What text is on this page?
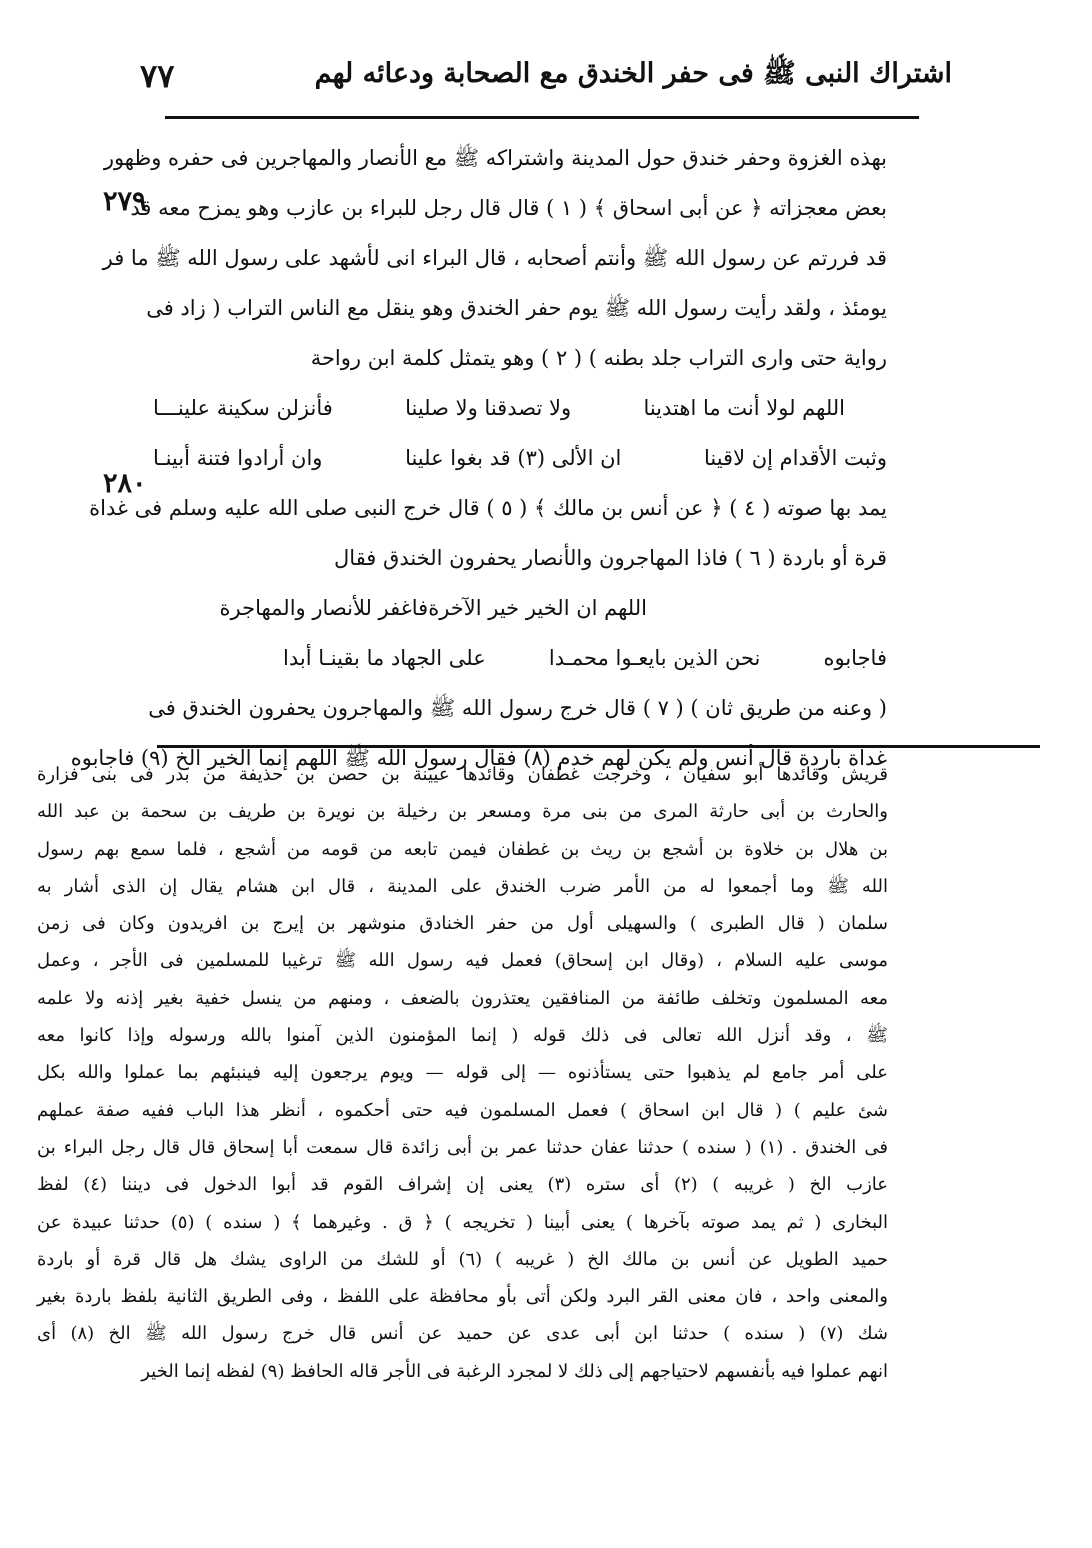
اشتراك النبى ﷺ فى حفر الخندق مع الصحابة ودعائه لهم
٧٧
٢٧٩
٢٨٠
بهذه الغزوة وحفر خندق حول المدينة واشتراكه ﷺ مع الأنصار والمهاجرين فى حفره وظهور
بعض معجزاته ﴿ عن أبى اسحاق ﴾ ( ١ ) قال قال رجل للبراء بن عازب وهو يمزح معه قد
قد فررتم عن رسول الله ﷺ وأنتم أصحابه ، قال البراء انى لأشهد على رسول الله ﷺ ما فر
يومئذ ، ولقد رأيت رسول الله ﷺ يوم حفر الخندق وهو ينقل مع الناس التراب ( زاد فى
رواية حتى وارى التراب جلد بطنه ) ( ٢ ) وهو يتمثل كلمة ابن رواحة
اللهم لولا أنت ما اهتدينا
ولا تصدقنا ولا صلينا
فأنزلن سكينة علينـــا
وثبت الأقدام إن لاقينا
ان الألى (٣) قد بغوا علينا
وان أرادوا فتنة أبينـا
يمد بها صوته ( ٤ ) ﴿ عن أنس بن مالك ﴾ ( ٥ ) قال خرج النبى صلى الله عليه وسلم فى غداة
قرة أو باردة ( ٦ ) فاذا المهاجرون والأنصار يحفرون الخندق فقال
اللهم ان الخير خير الآخرة
فاغفر للأنصار والمهاجرة
فاجابوه
نحن الذين بايعـوا محمـدا
على الجهاد ما بقينـا أبدا
( وعنه من طريق ثان ) ( ٧ ) قال خرج رسول الله ﷺ والمهاجرون يحفرون الخندق فى
غداة باردة قال أنس ولم يكن لهم خدم (٨) فقال رسول الله ﷺ اللهم إنما الخير الخ (٩) فاجابوه
قريش وقائدها أبو سفيان ، وخرجت غطفان وقائدها عيينة بن حصن بن حذيفة من بدر فى بنى فزارة
والحارث بن أبى حارثة المرى من بنى مرة ومسعر بن رخيلة بن نويرة بن طريف بن سحمة بن عبد الله
بن هلال بن خلاوة بن أشجع بن ريث بن غطفان فيمن تابعه من قومه من أشجع ، فلما سمع بهم رسول
الله ﷺ وما أجمعوا له من الأمر ضرب الخندق على المدينة ، قال ابن هشام يقال إن الذى أشار به
سلمان ( قال الطبرى ) والسهيلى أول من حفر الخنادق منوشهر بن إيرج بن افريدون وكان فى زمن
موسى عليه السلام ، (وقال ابن إسحاق) فعمل فيه رسول الله ﷺ ترغيبا للمسلمين فى الأجر ، وعمل
معه المسلمون وتخلف طائفة من المنافقين يعتذرون بالضعف ، ومنهم من ينسل خفية بغير إذنه ولا علمه
ﷺ ، وقد أنزل الله تعالى فى ذلك قوله ( إنما المؤمنون الذين آمنوا بالله ورسوله وإذا كانوا معه
على أمر جامع لم يذهبوا حتى يستأذنوه — إلى قوله — ويوم يرجعون إليه فينبئهم بما عملوا والله بكل
شئ عليم ) ( قال ابن اسحاق ) فعمل المسلمون فيه حتى أحكموه ، أنظر هذا الباب ففيه صفة عملهم
فى الخندق . (١) ( سنده ) حدثنا عفان حدثنا عمر بن أبى زائدة قال سمعت أبا إسحاق قال قال رجل البراء بن
عازب الخ ( غريبه ) (٢) أى ستره (٣) يعنى إن إشراف القوم قد أبوا الدخول فى ديننا (٤) لفظ
البخارى ( ثم يمد صوته بآخرها ) يعنى أبينا ( تخريجه ) ﴿ ق . وغيرهما ﴾ ( سنده ) (٥) حدثنا عبيدة عن
حميد الطويل عن أنس بن مالك الخ ( غريبه ) (٦) أو للشك من الراوى يشك هل قال قرة أو باردة
والمعنى واحد ، فان معنى القر البرد ولكن أتى بأو محافظة على اللفظ ، وفى الطريق الثانية بلفظ باردة بغير
شك (٧) ( سنده ) حدثنا ابن أبى عدى عن حميد عن أنس قال خرج رسول الله ﷺ الخ (٨) أى
انهم عملوا فيه بأنفسهم لاحتياجهم إلى ذلك لا لمجرد الرغبة فى الأجر قاله الحافظ (٩) لفظه إنما الخير
